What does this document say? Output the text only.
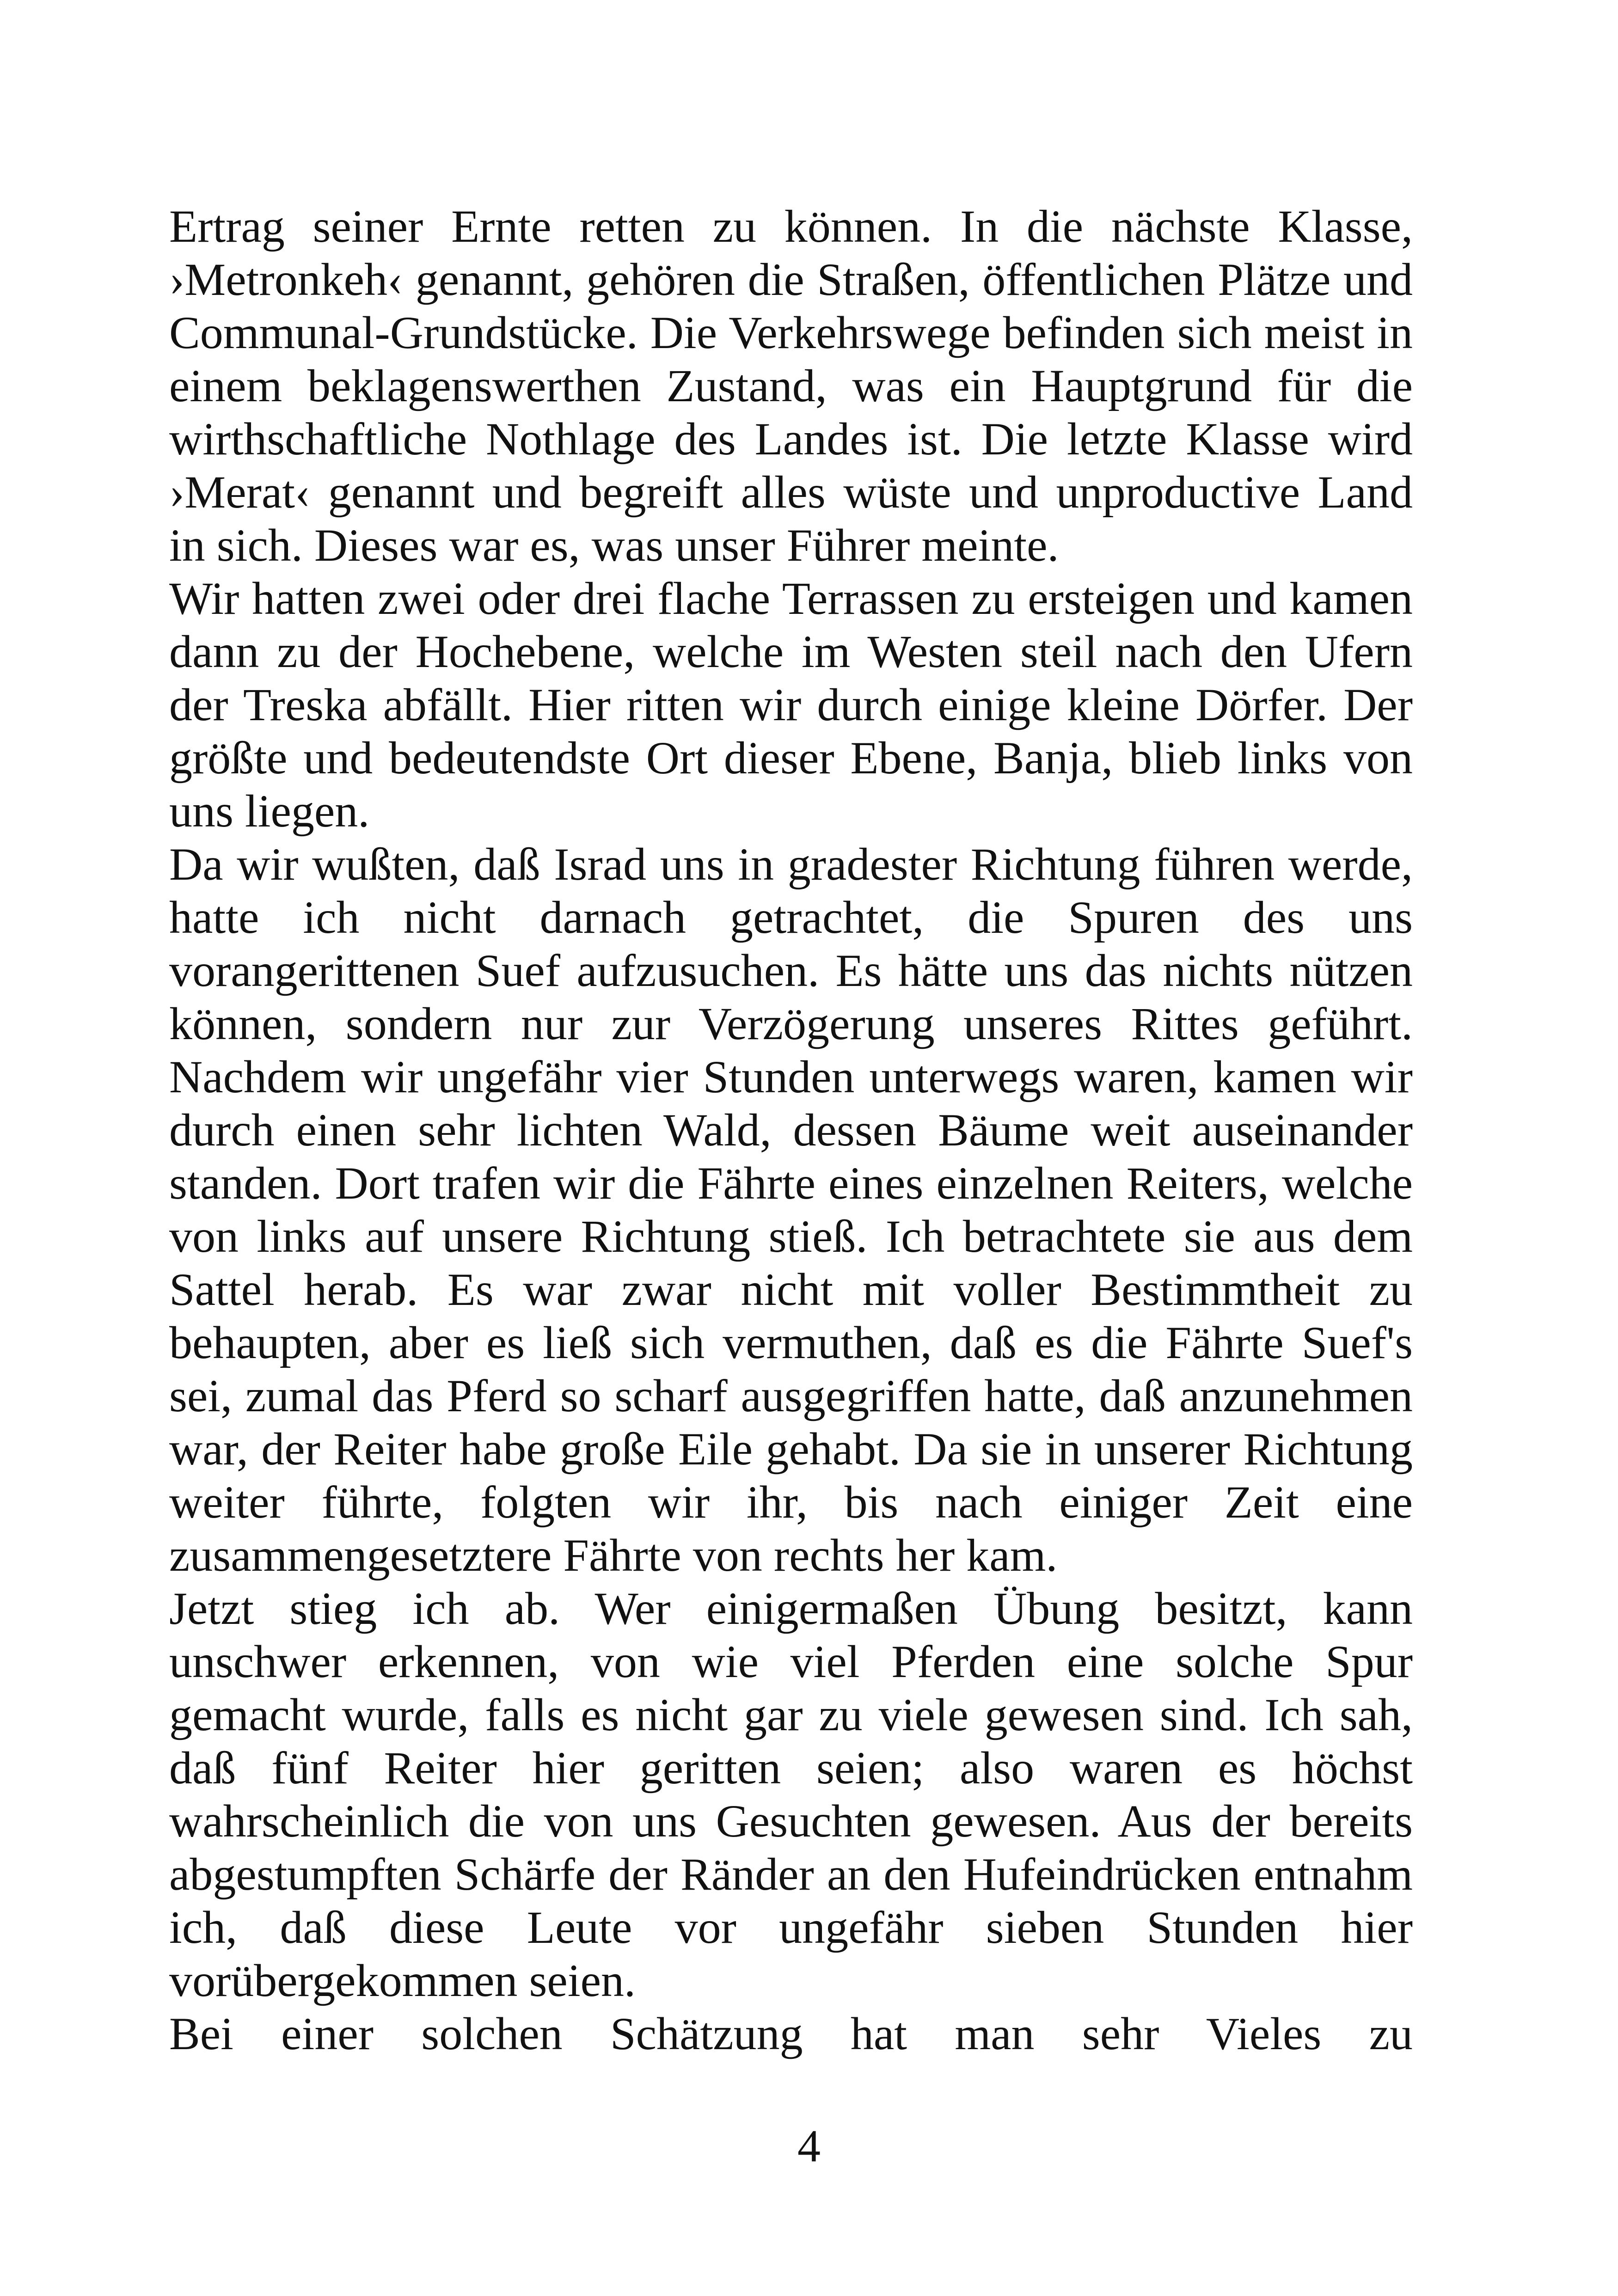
Ertrag seiner Ernte retten zu können. In die nächste Klasse,
›Metronkeh‹ genannt, gehören die Straßen, öffentlichen Plätze und
Communal-Grundstücke. Die Verkehrswege befinden sich meist in
einem beklagenswerthen Zustand, was ein Hauptgrund für die
wirthschaftliche Nothlage des Landes ist. Die letzte Klasse wird
›Merat‹ genannt und begreift alles wüste und unproductive Land
in sich. Dieses war es, was unser Führer meinte.
Wir hatten zwei oder drei flache Terrassen zu ersteigen und kamen
dann zu der Hochebene, welche im Westen steil nach den Ufern
der Treska abfällt. Hier ritten wir durch einige kleine Dörfer. Der
größte und bedeutendste Ort dieser Ebene, Banja, blieb links von
uns liegen.
Da wir wußten, daß Israd uns in gradester Richtung führen werde,
hatte ich nicht darnach getrachtet, die Spuren des uns
vorangerittenen Suef aufzusuchen. Es hätte uns das nichts nützen
können, sondern nur zur Verzögerung unseres Rittes geführt.
Nachdem wir ungefähr vier Stunden unterwegs waren, kamen wir
durch einen sehr lichten Wald, dessen Bäume weit auseinander
standen. Dort trafen wir die Fährte eines einzelnen Reiters, welche
von links auf unsere Richtung stieß. Ich betrachtete sie aus dem
Sattel herab. Es war zwar nicht mit voller Bestimmtheit zu
behaupten, aber es ließ sich vermuthen, daß es die Fährte Suef's
sei, zumal das Pferd so scharf ausgegriffen hatte, daß anzunehmen
war, der Reiter habe große Eile gehabt. Da sie in unserer Richtung
weiter führte, folgten wir ihr, bis nach einiger Zeit eine
zusammengesetztere Fährte von rechts her kam.
Jetzt stieg ich ab. Wer einigermaßen Übung besitzt, kann
unschwer erkennen, von wie viel Pferden eine solche Spur
gemacht wurde, falls es nicht gar zu viele gewesen sind. Ich sah,
daß fünf Reiter hier geritten seien; also waren es höchst
wahrscheinlich die von uns Gesuchten gewesen. Aus der bereits
abgestumpften Schärfe der Ränder an den Hufeindrücken entnahm
ich, daß diese Leute vor ungefähr sieben Stunden hier
vorübergekommen seien.
Bei einer solchen Schätzung hat man sehr Vieles zu
4
